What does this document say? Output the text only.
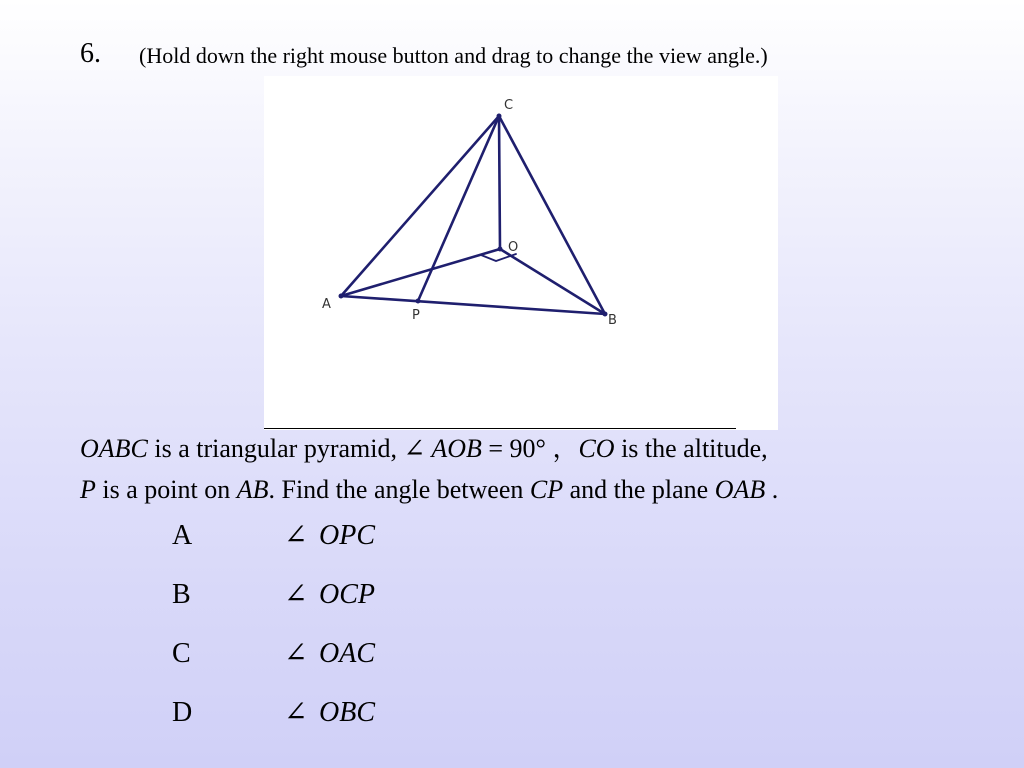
6. (Hold down the right mouse button and drag to change the view angle.)
C
O
A
P	B
OABC is a triangular pyramid, ∠ AOB = 90° ，CO is the altitude,
P is a point on AB. Find the angle between CP and the plane OAB .
A	∠ OPC
B	∠ OCP
C	∠ OAC
D	∠ OBC
